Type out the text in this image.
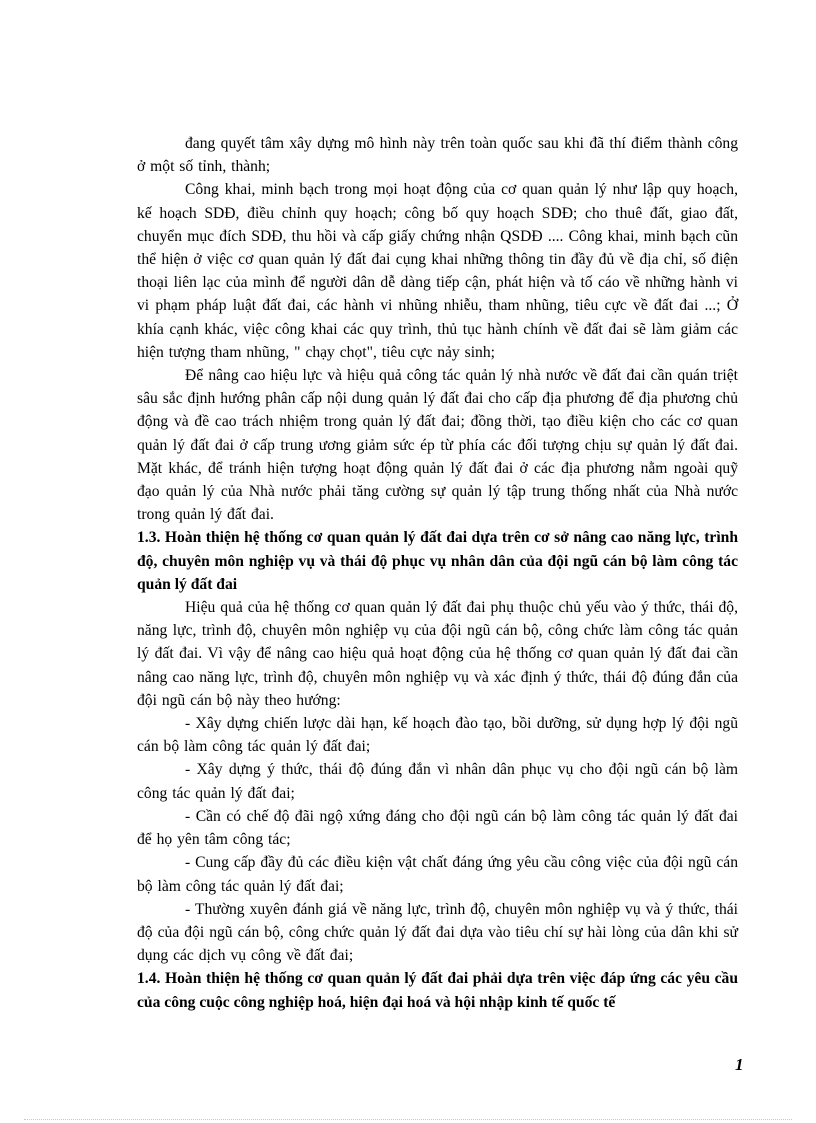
đang quyết tâm xây dựng mô hình này trên toàn quốc sau khi đã thí điểm thành công ở một số tỉnh, thành;

Công khai, minh bạch trong mọi hoạt động của cơ quan quản lý như lập quy hoạch, kế hoạch SDĐ, điều chỉnh quy hoạch; công bố quy hoạch SDĐ; cho thuê đất, giao đất, chuyển mục đích SDĐ, thu hồi và cấp giấy chứng nhận QSDĐ .... Công khai, minh bạch cũn thể hiện ở việc cơ quan quản lý đất đai cụng khai những thông tin đầy đủ về địa chỉ, số điện thoại liên lạc của mình để người dân dễ dàng tiếp cận, phát hiện và tố cáo về những hành vi vi phạm pháp luật đất đai, các hành vi nhũng nhiễu, tham nhũng, tiêu cực về đất đai ...; Ở khía cạnh khác, việc công khai các quy trình, thủ tục hành chính về đất đai sẽ làm giảm các hiện tượng tham nhũng, " chạy chọt", tiêu cực nảy sinh;

Để nâng cao hiệu lực và hiệu quả công tác quản lý nhà nước về đất đai cần quán triệt sâu sắc định hướng phân cấp nội dung quản lý đất đai cho cấp địa phương để địa phương chủ động và đề cao trách nhiệm trong quản lý đất đai; đồng thời, tạo điều kiện cho các cơ quan quản lý đất đai ở cấp trung ương giảm sức ép từ phía các đối tượng chịu sự quản lý đất đai. Mặt khác, để tránh hiện tượng hoạt động quản lý đất đai ở các địa phương nằm ngoài quỹ đạo quản lý của Nhà nước phải tăng cường sự quản lý tập trung thống nhất của Nhà nước trong quản lý đất đai.

1.3. Hoàn thiện hệ thống cơ quan quản lý đất đai dựa trên cơ sở nâng cao năng lực, trình độ, chuyên môn nghiệp vụ và thái độ phục vụ nhân dân của đội ngũ cán bộ làm công tác quản lý đất đai

Hiệu quả của hệ thống cơ quan quản lý đất đai phụ thuộc chủ yếu vào ý thức, thái độ, năng lực, trình độ, chuyên môn nghiệp vụ của đội ngũ cán bộ, công chức làm công tác quản lý đất đai. Vì vậy để nâng cao hiệu quả hoạt động của hệ thống cơ quan quản lý đất đai cần nâng cao năng lực, trình độ, chuyên môn nghiệp vụ và xác định ý thức, thái độ đúng đắn của đội ngũ cán bộ này theo hướng:

- Xây dựng chiến lược dài hạn, kế hoạch đào tạo, bồi dưỡng, sử dụng hợp lý đội ngũ cán bộ làm công tác quản lý đất đai;

- Xây dựng ý thức, thái độ đúng đắn vì nhân dân phục vụ cho đội ngũ cán bộ làm công tác quản lý đất đai;

- Cần có chế độ đãi ngộ xứng đáng cho đội ngũ cán bộ làm công tác quản lý đất đai để họ yên tâm công tác;

- Cung cấp đầy đủ các điều kiện vật chất đáng ứng yêu cầu công việc của đội ngũ cán bộ làm công tác quản lý đất đai;

- Thường xuyên đánh giá về năng lực, trình độ, chuyên môn nghiệp vụ và ý thức, thái độ của đội ngũ cán bộ, công chức quản lý đất đai dựa vào tiêu chí sự hài lòng của dân khi sử dụng các dịch vụ công về đất đai;

1.4. Hoàn thiện hệ thống cơ quan quản lý đất đai phải dựa trên việc đáp ứng các yêu cầu của công cuộc công nghiệp hoá, hiện đại hoá và hội nhập kinh tế quốc tế

1
